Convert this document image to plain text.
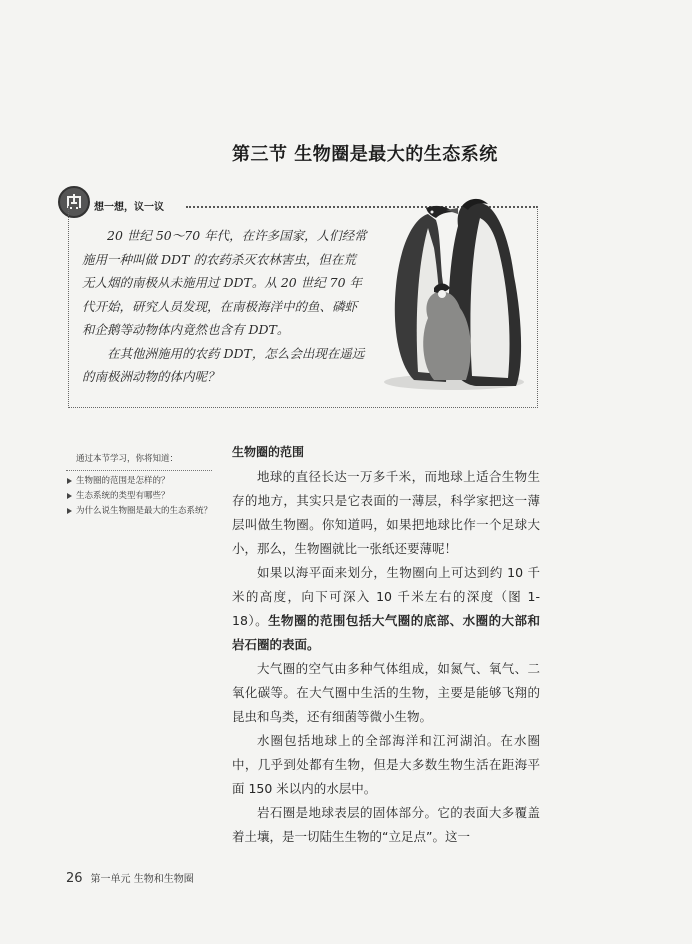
第三节 生物圈是最大的生态系统
想一想，议一议

20 世纪 50～70 年代，在许多国家，人们经常施用一种叫做 DDT 的农药杀灭农林害虫，但在荒无人烟的南极从未施用过 DDT。从 20 世纪 70 年代开始，研究人员发现，在南极海洋中的鱼、磷虾和企鹅等动物体内竟然也含有 DDT。

在其他洲施用的农药 DDT，怎么会出现在遥远的南极洲动物的体内呢？

通过本节学习，你将知道：
生物圈的范围是怎样的？
生态系统的类型有哪些？
为什么说生物圈是最大的生态系统？
生物圈的范围

地球的直径长达一万多千米，而地球上适合生物生存的地方，其实只是它表面的一薄层，科学家把这一薄层叫做生物圈。你知道吗，如果把地球比作一个足球大小，那么，生物圈就比一张纸还要薄呢！

如果以海平面来划分，生物圈向上可达到约 10 千米的高度，向下可深入 10 千米左右的深度（图 1-18）。生物圈的范围包括大气圈的底部、水圈的大部和岩石圈的表面。

大气圈的空气由多种气体组成，如氮气、氧气、二氧化碳等。在大气圈中生活的生物，主要是能够飞翔的昆虫和鸟类，还有细菌等微小生物。

水圈包括地球上的全部海洋和江河湖泊。在水圈中，几乎到处都有生物，但是大多数生物生活在距海平面 150 米以内的水层中。

岩石圈是地球表层的固体部分。它的表面大多覆盖着土壤，是一切陆生生物的“立足点”。这一

26 第一单元 生物和生物圈
